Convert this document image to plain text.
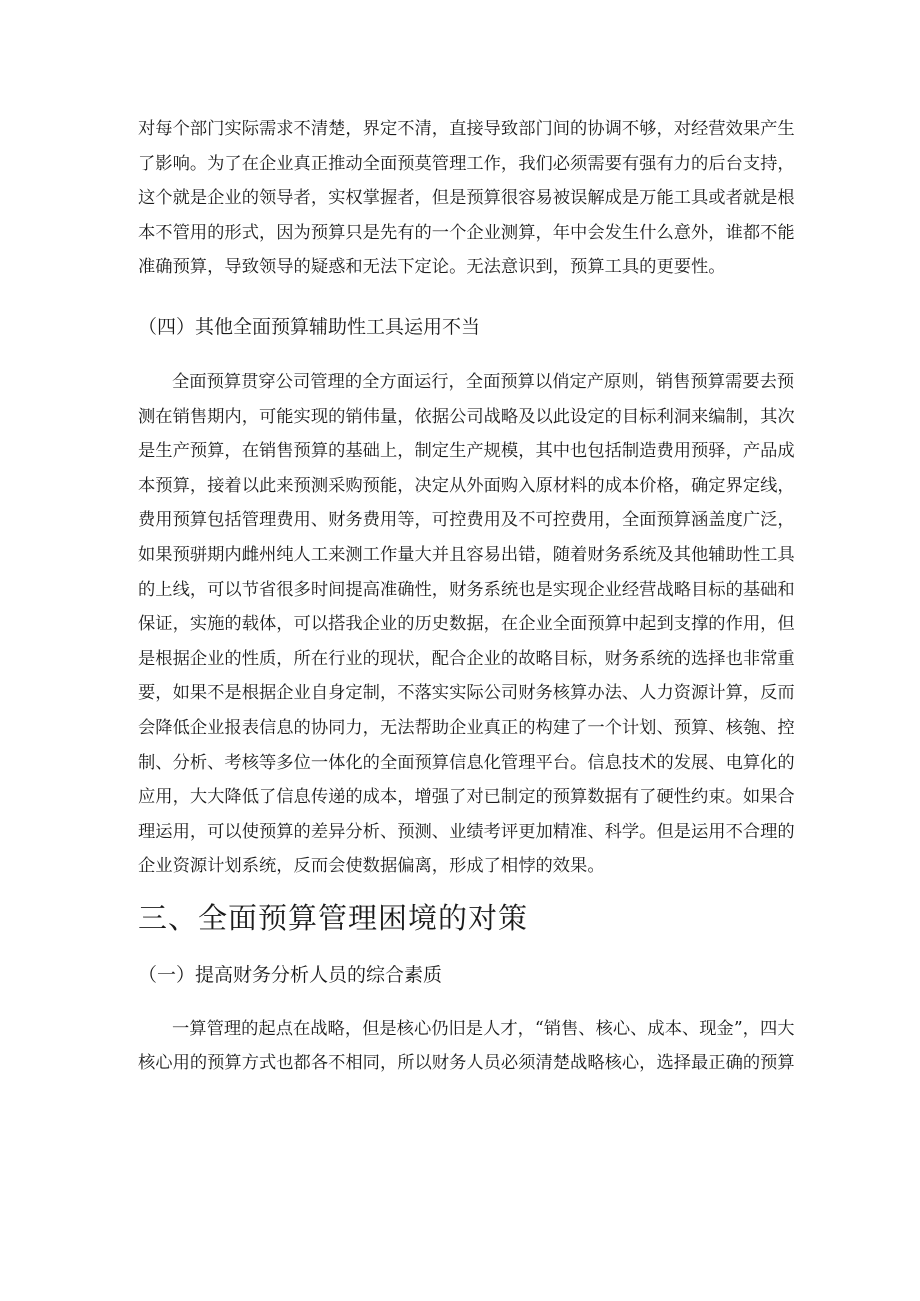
对每个部门实际需求不清楚，界定不清，直接导致部门间的协调不够，对经营效果产生
了影响。为了在企业真正推动全面预莫管理工作，我们必须需要有强有力的后台支持，
这个就是企业的领导者，实权掌握者，但是预算很容易被误解成是万能工具或者就是根
本不管用的形式，因为预算只是先有的一个企业测算，年中会发生什么意外，谁都不能
准确预算，导致领导的疑惑和无法下定论。无法意识到，预算工具的更要性。
（四）其他全面预算辅助性工具运用不当
全面预算贯穿公司管理的全方面运行，全面预算以俏定产原则，销售预算需要去预
测在销售期内，可能实现的销伟量，依据公司战略及以此设定的目标利洞来编制，其次
是生产预算，在销售预算的基础上，制定生产规模，其中也包括制造费用预驿，产品成
本预算，接着以此来预测采购预能，决定从外面购入原材料的成本价格，确定界定线，
费用预算包括管理费用、财务费用等，可控费用及不可控费用，全面预算涵盖度广泛，
如果预骈期内雌州纯人工来测工作量大并且容易出错，随着财务系统及其他辅助性工具
的上线，可以节省很多时间提高准确性，财务系统也是实现企业经营战略目标的基础和
保证，实施的载体，可以搭我企业的历史数据，在企业全面预算中起到支撑的作用，但
是根据企业的性质，所在行业的现状，配合企业的故略目标，财务系统的选择也非常重
要，如果不是根据企业自身定制，不落实实际公司财务核算办法、人力资源计算，反而
会降低企业报表信息的协同力，无法帮助企业真正的构建了一个计划、预算、核匏、控
制、分析、考核等多位一体化的全面预算信息化管理平台。信息技术的发展、电算化的
应用，大大降低了信息传递的成本，增强了对已制定的预算数据有了硬性约束。如果合
理运用，可以使预算的差异分析、预测、业绩考评更加精准、科学。但是运用不合理的
企业资源计划系统，反而会使数据偏离，形成了相悖的效果。
三、全面预算管理困境的对策
（一）提高财务分析人员的综合素质
一算管理的起点在战略，但是核心仍旧是人才，“销售、核心、成本、现金”，四大
核心用的预算方式也都各不相同，所以财务人员必须清楚战略核心，选择最正确的预算
